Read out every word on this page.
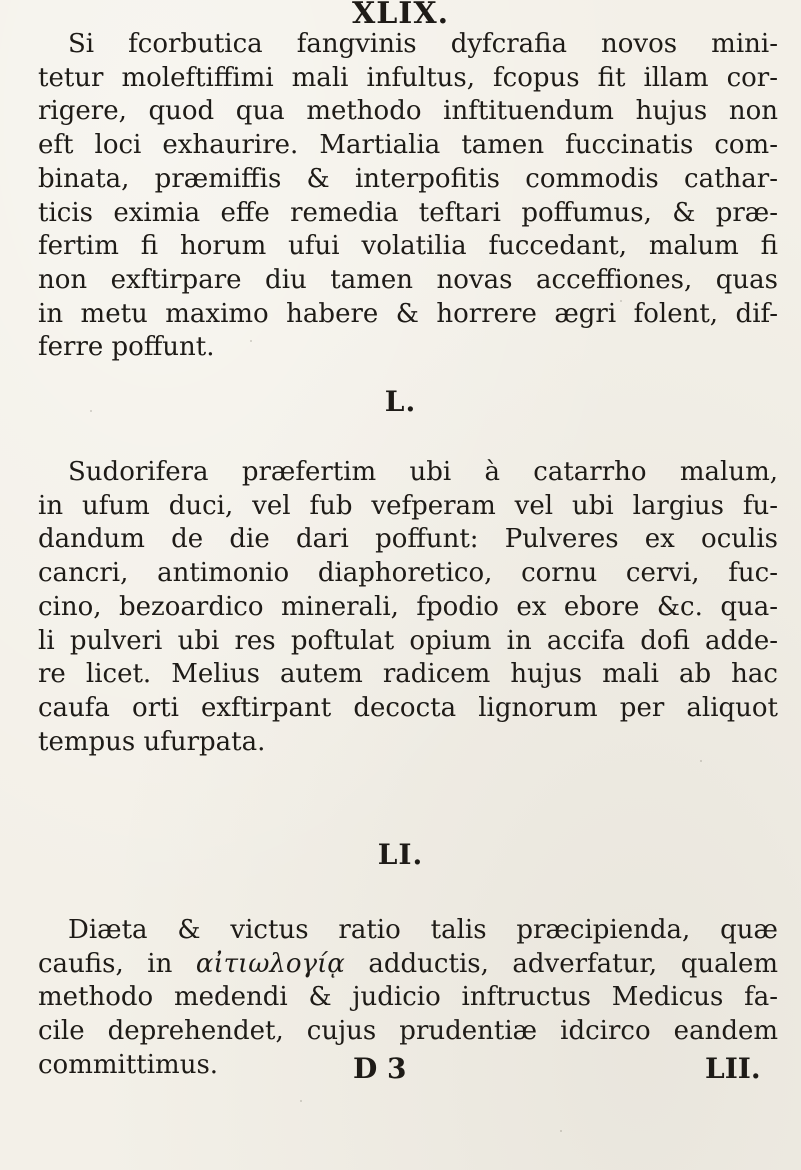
XLIX.
Si fcorbutica fangvinis dyfcrafia novos mini-
tetur moleftiffimi mali infultus, fcopus fit illam cor-
rigere, quod qua methodo inftituendum hujus non
eft loci exhaurire. Martialia tamen fuccinatis com-
binata, præmiffis & interpofitis commodis cathar-
ticis eximia effe remedia teftari poffumus, & præ-
fertim fi horum ufui volatilia fuccedant, malum fi
non exftirpare diu tamen novas acceffiones, quas
in metu maximo habere & horrere ægri folent, dif-
ferre poffunt.
L.
Sudorifera præfertim ubi à catarrho malum,
in ufum duci, vel fub vefperam vel ubi largius fu-
dandum de die dari poffunt: Pulveres ex oculis
cancri, antimonio diaphoretico, cornu cervi, fuc-
cino, bezoardico minerali, fpodio ex ebore &c. qua-
li pulveri ubi res poftulat opium in accifa dofi adde-
re licet. Melius autem radicem hujus mali ab hac
caufa orti exftirpant decocta lignorum per aliquot
tempus ufurpata.
LI.
Diæta & victus ratio talis præcipienda, quæ
caufis, in αἰτιωλογίᾳ adductis, adverfatur, qualem
methodo medendi & judicio inftructus Medicus fa-
cile deprehendet, cujus prudentiæ idcirco eandem
committimus.	D 3	LII.
